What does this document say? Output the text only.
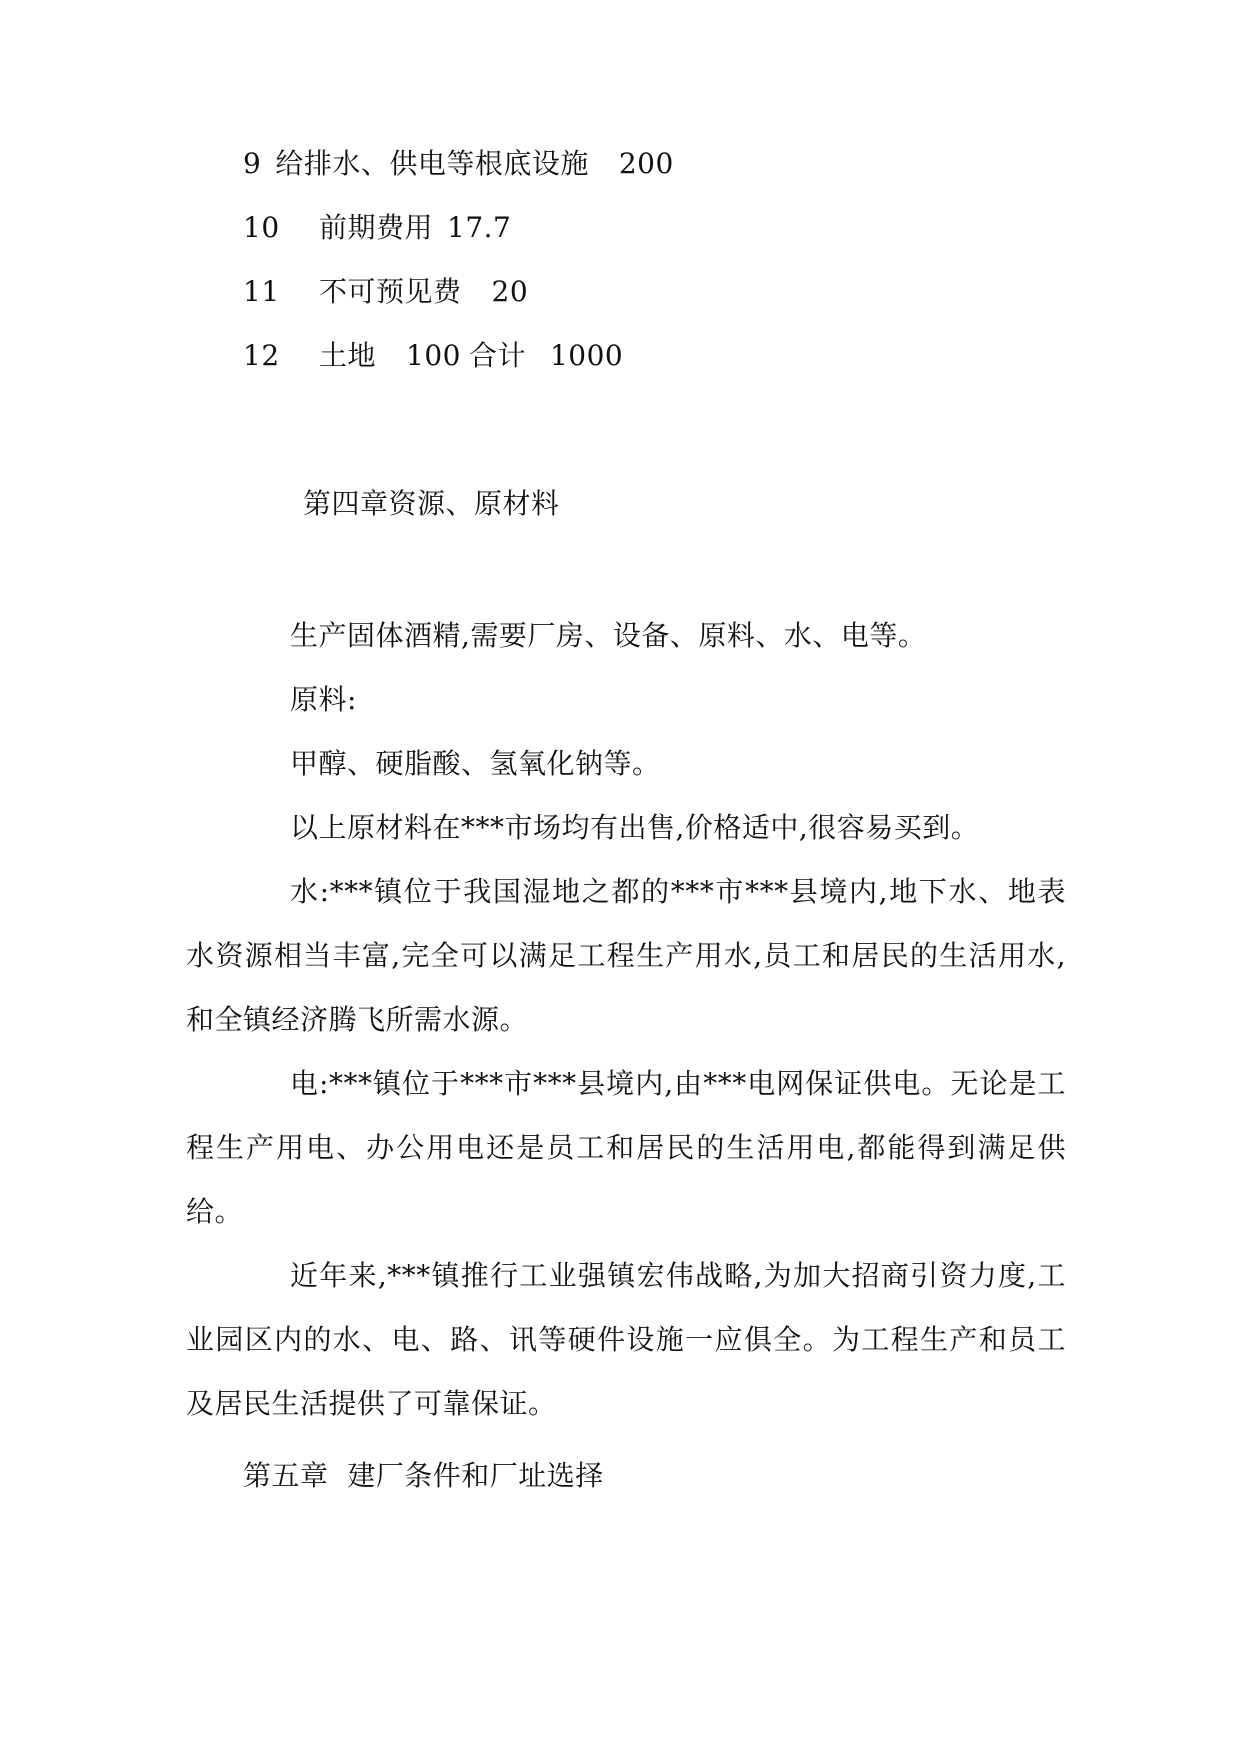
9 给排水、供电等根底设施 200
10 前期费用 17.7
11 不可预见费 20
12 土地 100 合计 1000
第四章资源、原材料
生产固体酒精,需要厂房、设备、原料、水、电等。
原料:
甲醇、硬脂酸、氢氧化钠等。
以上原材料在***市场均有出售,价格适中,很容易买到。
水:***镇位于我国湿地之都的***市***县境内,地下水、地表水资源相当丰富,完全可以满足工程生产用水,员工和居民的生活用水,和全镇经济腾飞所需水源。
电:***镇位于***市***县境内,由***电网保证供电。无论是工程生产用电、办公用电还是员工和居民的生活用电,都能得到满足供给。
近年来,***镇推行工业强镇宏伟战略,为加大招商引资力度,工业园区内的水、电、路、讯等硬件设施一应俱全。为工程生产和员工及居民生活提供了可靠保证。
第五章  建厂条件和厂址选择
